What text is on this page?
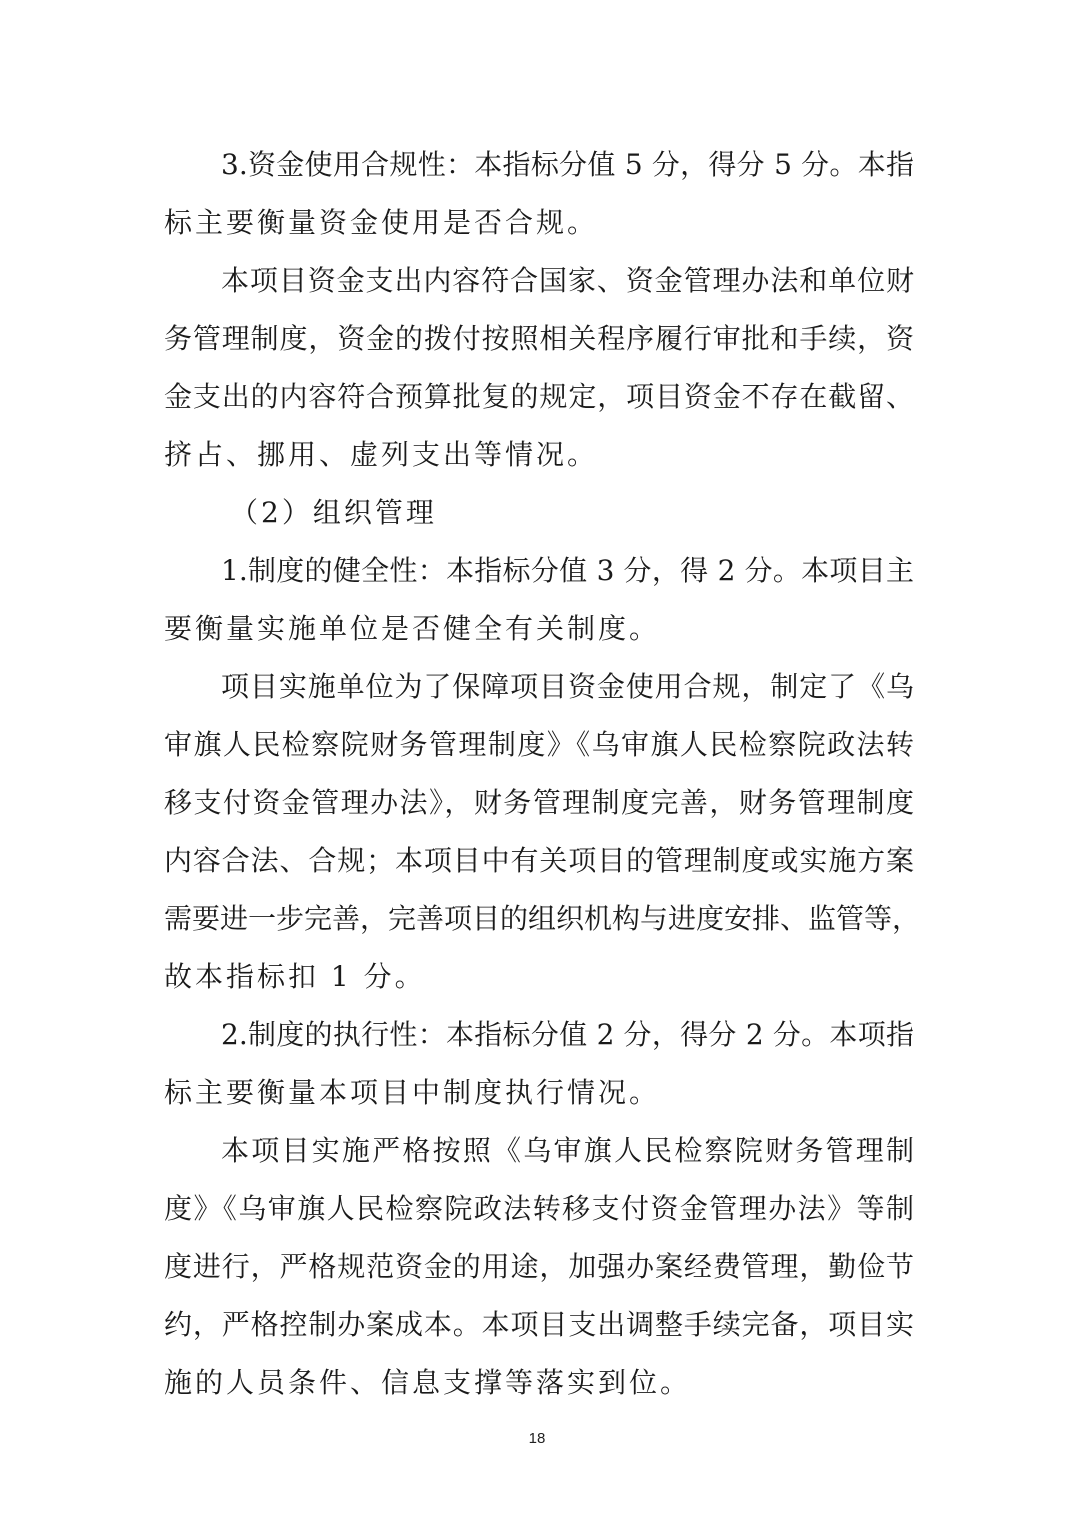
3.资金使用合规性：本指标分值 5 分，得分 5 分。本指
标主要衡量资金使用是否合规。
本项目资金支出内容符合国家、资金管理办法和单位财
务管理制度，资金的拨付按照相关程序履行审批和手续，资
金支出的内容符合预算批复的规定，项目资金不存在截留、
挤占、挪用、虚列支出等情况。
（2）组织管理
1.制度的健全性：本指标分值 3 分，得 2 分。本项目主
要衡量实施单位是否健全有关制度。
项目实施单位为了保障项目资金使用合规，制定了《乌
审旗人民检察院财务管理制度》《乌审旗人民检察院政法转
移支付资金管理办法》，财务管理制度完善，财务管理制度
内容合法、合规；本项目中有关项目的管理制度或实施方案
需要进一步完善，完善项目的组织机构与进度安排、监管等，
故本指标扣 1 分。
2.制度的执行性：本指标分值 2 分，得分 2 分。本项指
标主要衡量本项目中制度执行情况。
本项目实施严格按照《乌审旗人民检察院财务管理制
度》《乌审旗人民检察院政法转移支付资金管理办法》等制
度进行，严格规范资金的用途，加强办案经费管理，勤俭节
约，严格控制办案成本。本项目支出调整手续完备，项目实
施的人员条件、信息支撑等落实到位。
18
